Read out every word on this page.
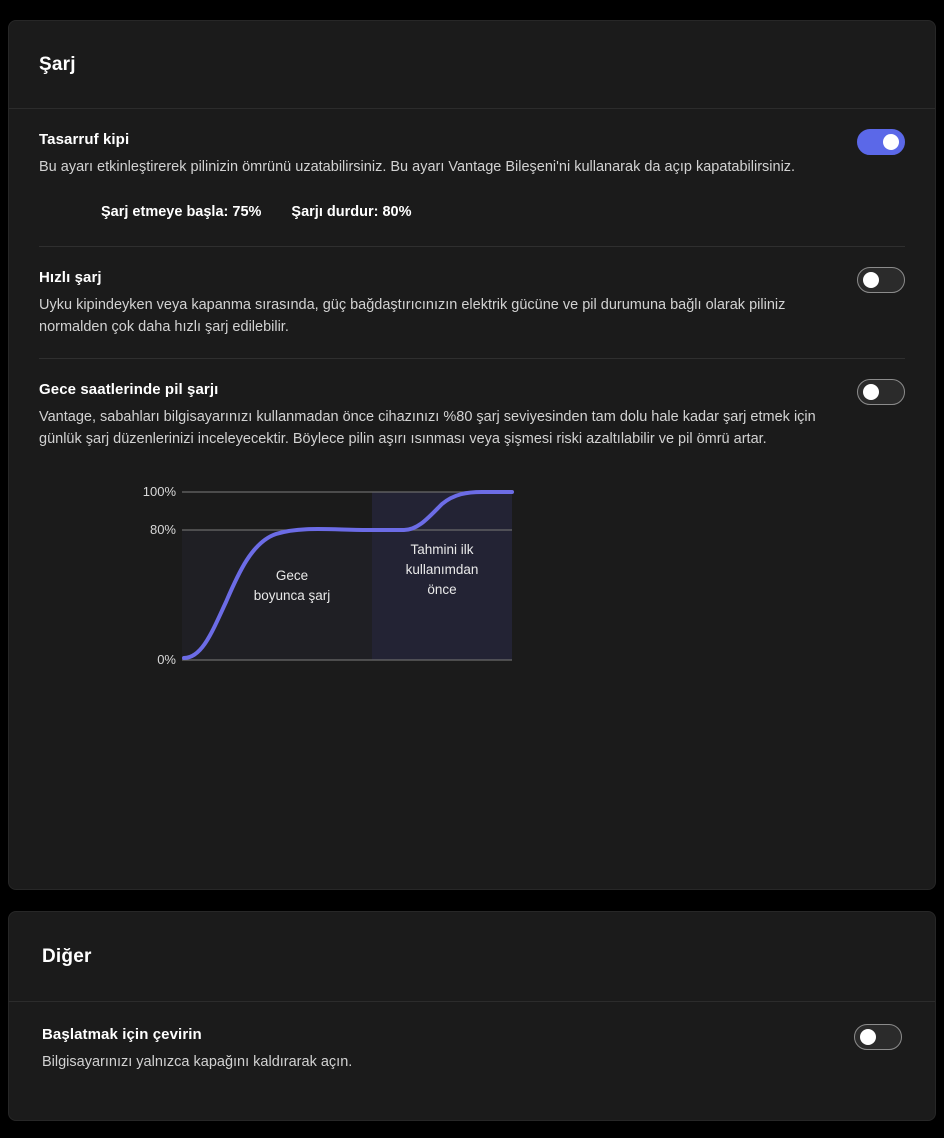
Şarj
Tasarruf kipi

Bu ayarı etkinleştirerek pilinizin ömrünü uzatabilirsiniz. Bu ayarı Vantage Bileşeni'ni kullanarak da açıp kapatabilirsiniz.

Şarj etmeye başla: 75% Şarjı durdur: 80%
Hızlı şarj

Uyku kipindeyken veya kapanma sırasında, güç bağdaştırıcınızın elektrik gücüne ve pil durumuna bağlı olarak piliniz normalden çok daha hızlı şarj edilebilir.

Gece saatlerinde pil şarjı

Vantage, sabahları bilgisayarınızı kullanmadan önce cihazınızı %80 şarj seviyesinden tam dolu hale kadar şarj etmek için günlük şarj düzenlerinizi inceleyecektir. Böylece pilin aşırı ısınması veya şişmesi riski azaltılabilir ve pil ömrü artar.

100%
80%
0%
Gece
boyunca şarj
Tahmini ilk
kullanımdan
önce
Diğer
Başlatmak için çevirin

Bilgisayarınızı yalnızca kapağını kaldırarak açın.
